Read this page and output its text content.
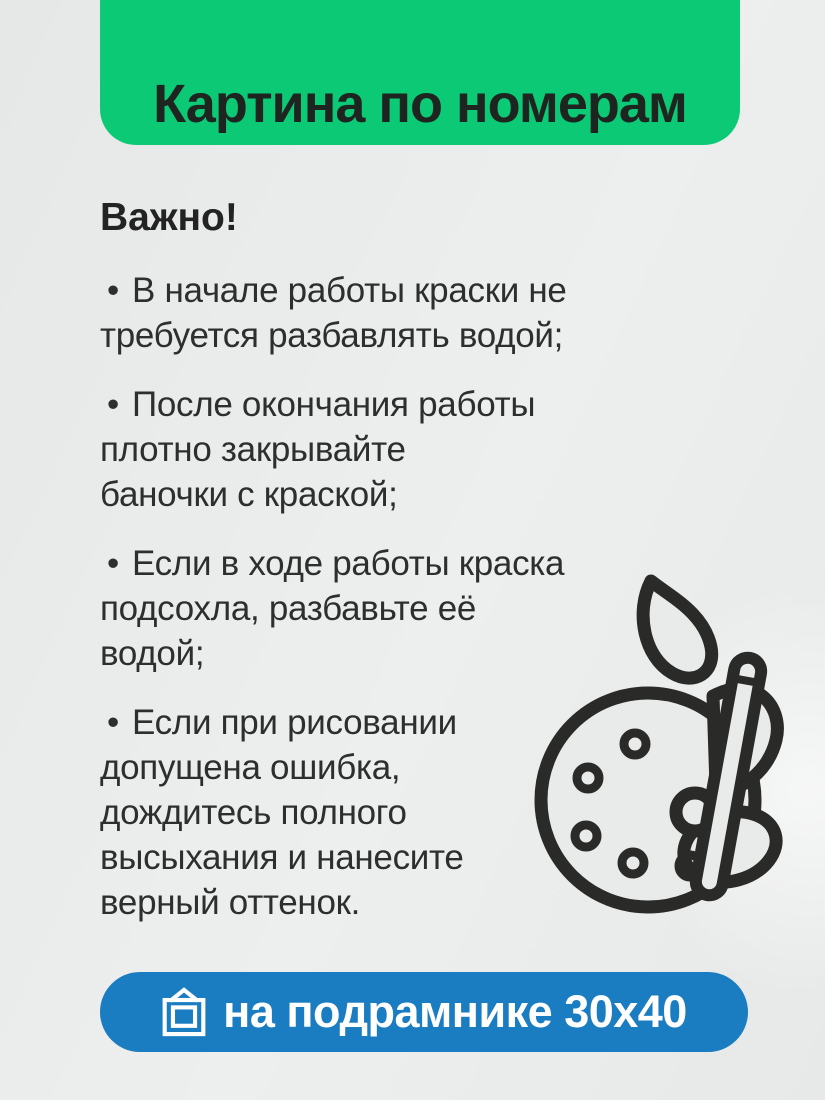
Картина по номерам
Важно!
• В начале работы краски не
требуется разбавлять водой;
• После окончания работы
плотно закрывайте
баночки с краской;
• Если в ходе работы краска
подсохла, разбавьте её
водой;
• Если при рисовании
допущена ошибка,
дождитесь полного
высыхания и нанесите
верный оттенок.
на подрамнике 30x40
